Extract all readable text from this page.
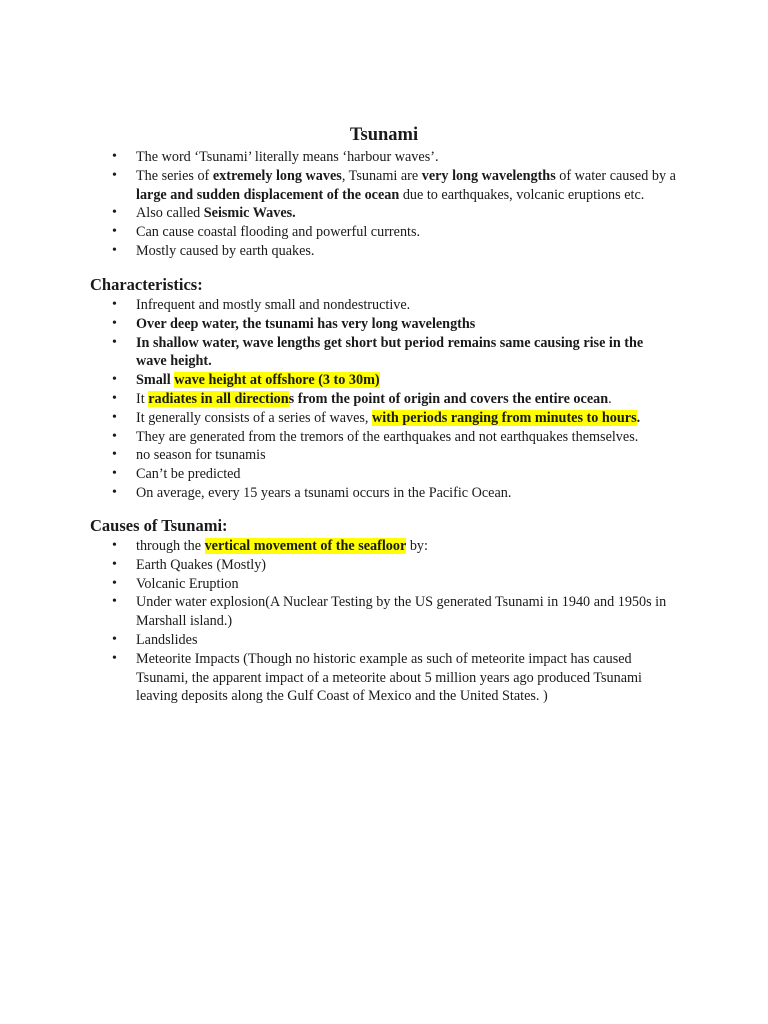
Tsunami
• The word ‘Tsunami’ literally means ‘harbour waves’.
• The series of extremely long waves, Tsunami are very long wavelengths of water caused by a large and sudden displacement of the ocean due to earthquakes, volcanic eruptions etc.
• Also called Seismic Waves.
• Can cause coastal flooding and powerful currents.
• Mostly caused by earth quakes.
Characteristics:
• Infrequent and mostly small and nondestructive.
• Over deep water, the tsunami has very long wavelengths
• In shallow water, wave lengths get short but period remains same causing rise in the wave height.
• Small wave height at offshore (3 to 30m)
• It radiates in all directions from the point of origin and covers the entire ocean.
• It generally consists of a series of waves, with periods ranging from minutes to hours.
• They are generated from the tremors of the earthquakes and not earthquakes themselves.
• no season for tsunamis
• Can’t be predicted
• On average, every 15 years a tsunami occurs in the Pacific Ocean.
Causes of Tsunami:
• through the vertical movement of the seafloor by:
• Earth Quakes (Mostly)
• Volcanic Eruption
• Under water explosion(A Nuclear Testing by the US generated Tsunami in 1940 and 1950s in Marshall island.)
• Landslides
• Meteorite Impacts (Though no historic example as such of meteorite impact has caused Tsunami, the apparent impact of a meteorite about 5 million years ago produced Tsunami leaving deposits along the Gulf Coast of Mexico and the United States. )
